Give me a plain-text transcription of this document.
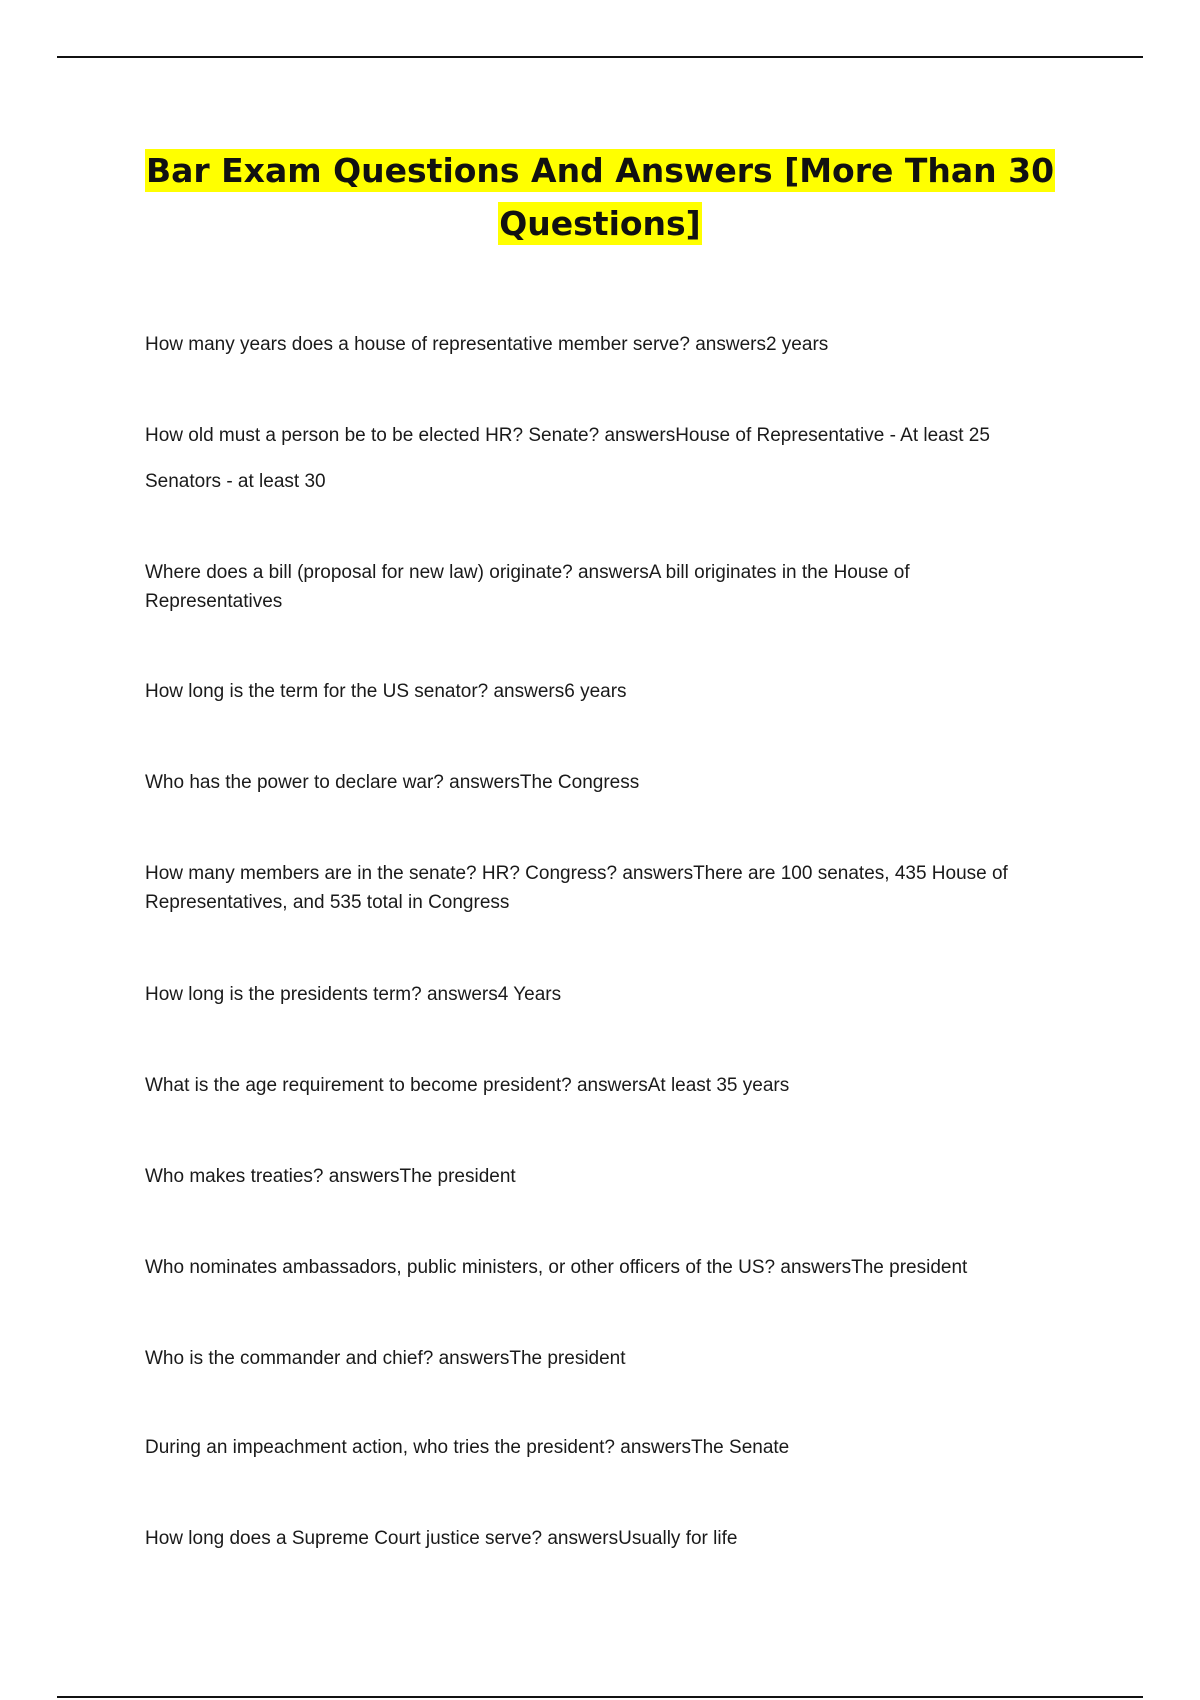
Bar Exam Questions And Answers [More Than 30
Questions]

How many years does a house of representative member serve? answers2 years

How old must a person be to be elected HR? Senate? answersHouse of Representative - At least 25
Senators - at least 30

Where does a bill (proposal for new law) originate? answersA bill originates in the House of
Representatives

How long is the term for the US senator? answers6 years

Who has the power to declare war? answersThe Congress

How many members are in the senate? HR? Congress? answersThere are 100 senates, 435 House of
Representatives, and 535 total in Congress

How long is the presidents term? answers4 Years

What is the age requirement to become president? answersAt least 35 years

Who makes treaties? answersThe president

Who nominates ambassadors, public ministers, or other officers of the US? answersThe president

Who is the commander and chief? answersThe president

During an impeachment action, who tries the president? answersThe Senate

How long does a Supreme Court justice serve? answersUsually for life
